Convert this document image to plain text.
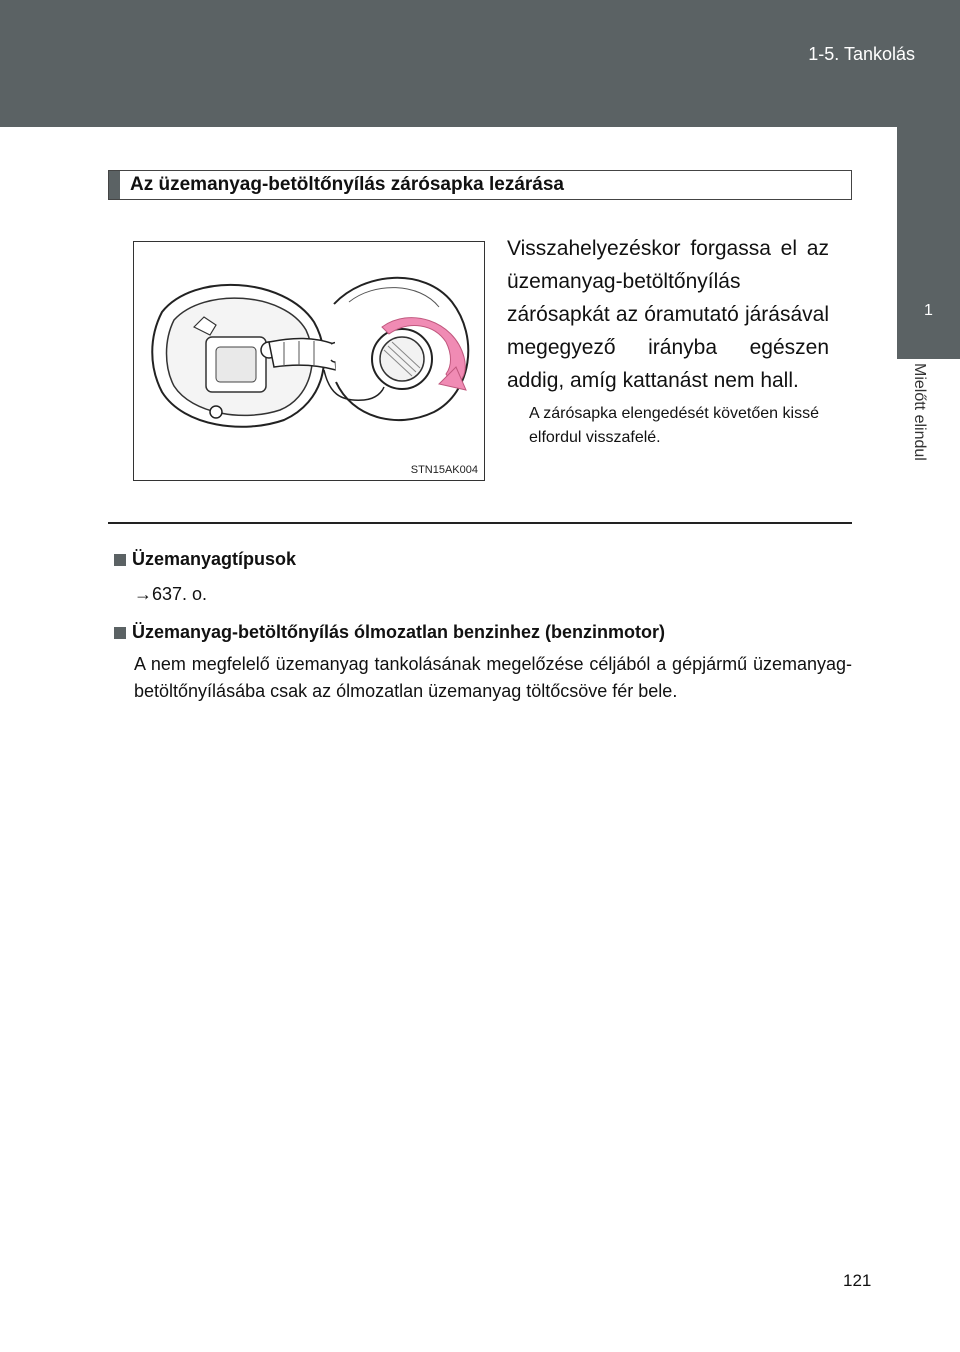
1-5. Tankolás
1
Mielőtt elindul
Az üzemanyag-betöltőnyílás zárósapka lezárása
STN15AK004
Visszahelyezéskor forgassa el az üzemanyag-betöltőnyílás zárósapkát az óramutató járásával megegyező irányba egészen addig, amíg kattanást nem hall.
A zárósapka elengedését követően kissé elfordul visszafelé.
Üzemanyagtípusok
→637. o.
Üzemanyag-betöltőnyílás ólmozatlan benzinhez (benzinmotor)
A nem megfelelő üzemanyag tankolásának megelőzése céljából a gépjármű üzemanyag-betöltőnyílásába csak az ólmozatlan üzemanyag töltőcsöve fér bele.
121
